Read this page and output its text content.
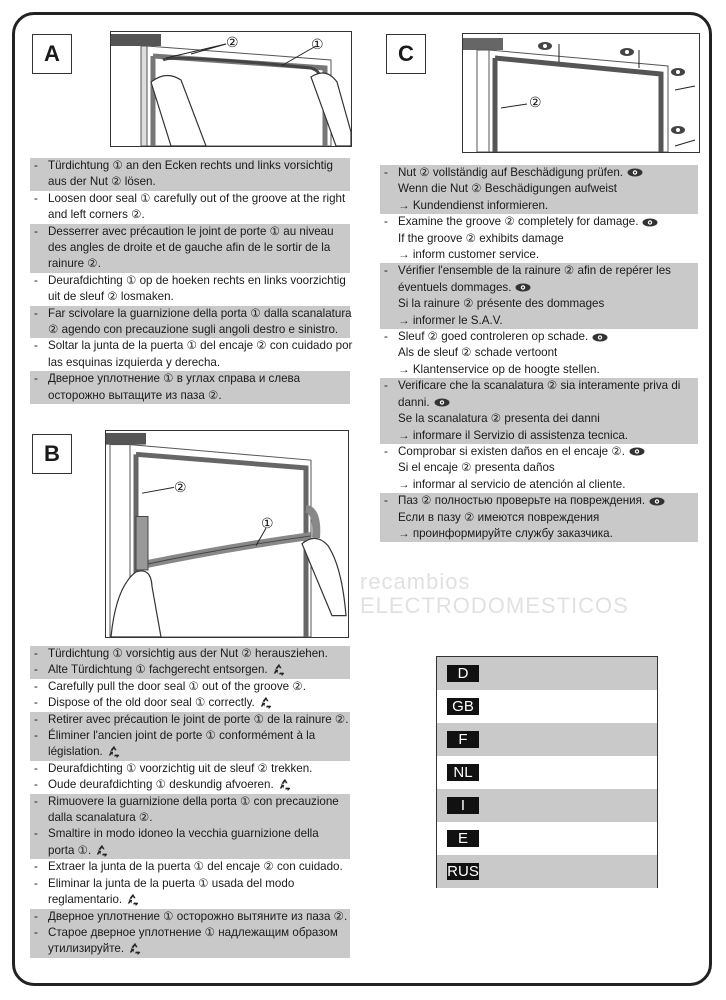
A	②	①
- Türdichtung ① an den Ecken rechts und links vorsichtig
aus der Nut ② lösen.
- Loosen door seal ① carefully out of the groove at the right
and left corners ②.
- Desserrer avec précaution le joint de porte ① au niveau
des angles de droite et de gauche afin de le sortir de la
rainure ②.
- Deurafdichting ① op de hoeken rechts en links voorzichtig
uit de sleuf ② losmaken.
- Far scivolare la guarnizione della porta ① dalla scanalatura
② agendo con precauzione sugli angoli destro e sinistro.
- Soltar la junta de la puerta ① del encaje ② con cuidado por
las esquinas izquierda y derecha.
- Дверное уплотнение ① в углах справа и слева
осторожно вытащите из паза ②.
B
②
①
recambios
ELECTRODOMESTICOS
- Türdichtung ① vorsichtig aus der Nut ② herausziehen.
- Alte Türdichtung ① fachgerecht entsorgen.
- Carefully pull the door seal ① out of the groove ②.
- Dispose of the old door seal ① correctly.
- Retirer avec précaution le joint de porte ① de la rainure ②.
- Éliminer l'ancien joint de porte ① conformément à la
législation.
- Deurafdichting ① voorzichtig uit de sleuf ② trekken.
- Oude deurafdichting ① deskundig afvoeren.
- Rimuovere la guarnizione della porta ① con precauzione
dalla scanalatura ②.
- Smaltire in modo idoneo la vecchia guarnizione della
porta ①.
- Extraer la junta de la puerta ① del encaje ② con cuidado.
- Eliminar la junta de la puerta ① usada del modo
reglamentario.
- Дверное уплотнение ① осторожно вытяните из паза ②.
- Старое дверное уплотнение ① надлежащим образом
утилизируйте.
C
②
- Nut ② vollständig auf Beschädigung prüfen.
Wenn die Nut ② Beschädigungen aufweist
→ Kundendienst informieren.
- Examine the groove ② completely for damage.
If the groove ② exhibits damage
→ inform customer service.
- Vérifier l'ensemble de la rainure ② afin de repérer les
éventuels dommages.
Si la rainure ② présente des dommages
→ informer le S.A.V.
- Sleuf ② goed controleren op schade.
Als de sleuf ② schade vertoont
→ Klantenservice op de hoogte stellen.
- Verificare che la scanalatura ② sia interamente priva di
danni.
Se la scanalatura ② presenta dei danni
→ informare il Servizio di assistenza tecnica.
- Comprobar si existen daños en el encaje ②.
Si el encaje ② presenta daños
→ informar al servicio de atención al cliente.
- Паз ② полностью проверьте на повреждения.
Если в пазу ② имеются повреждения
→ проинформируйте службу заказчика.
D
GB
F
NL
I
E
RUS
